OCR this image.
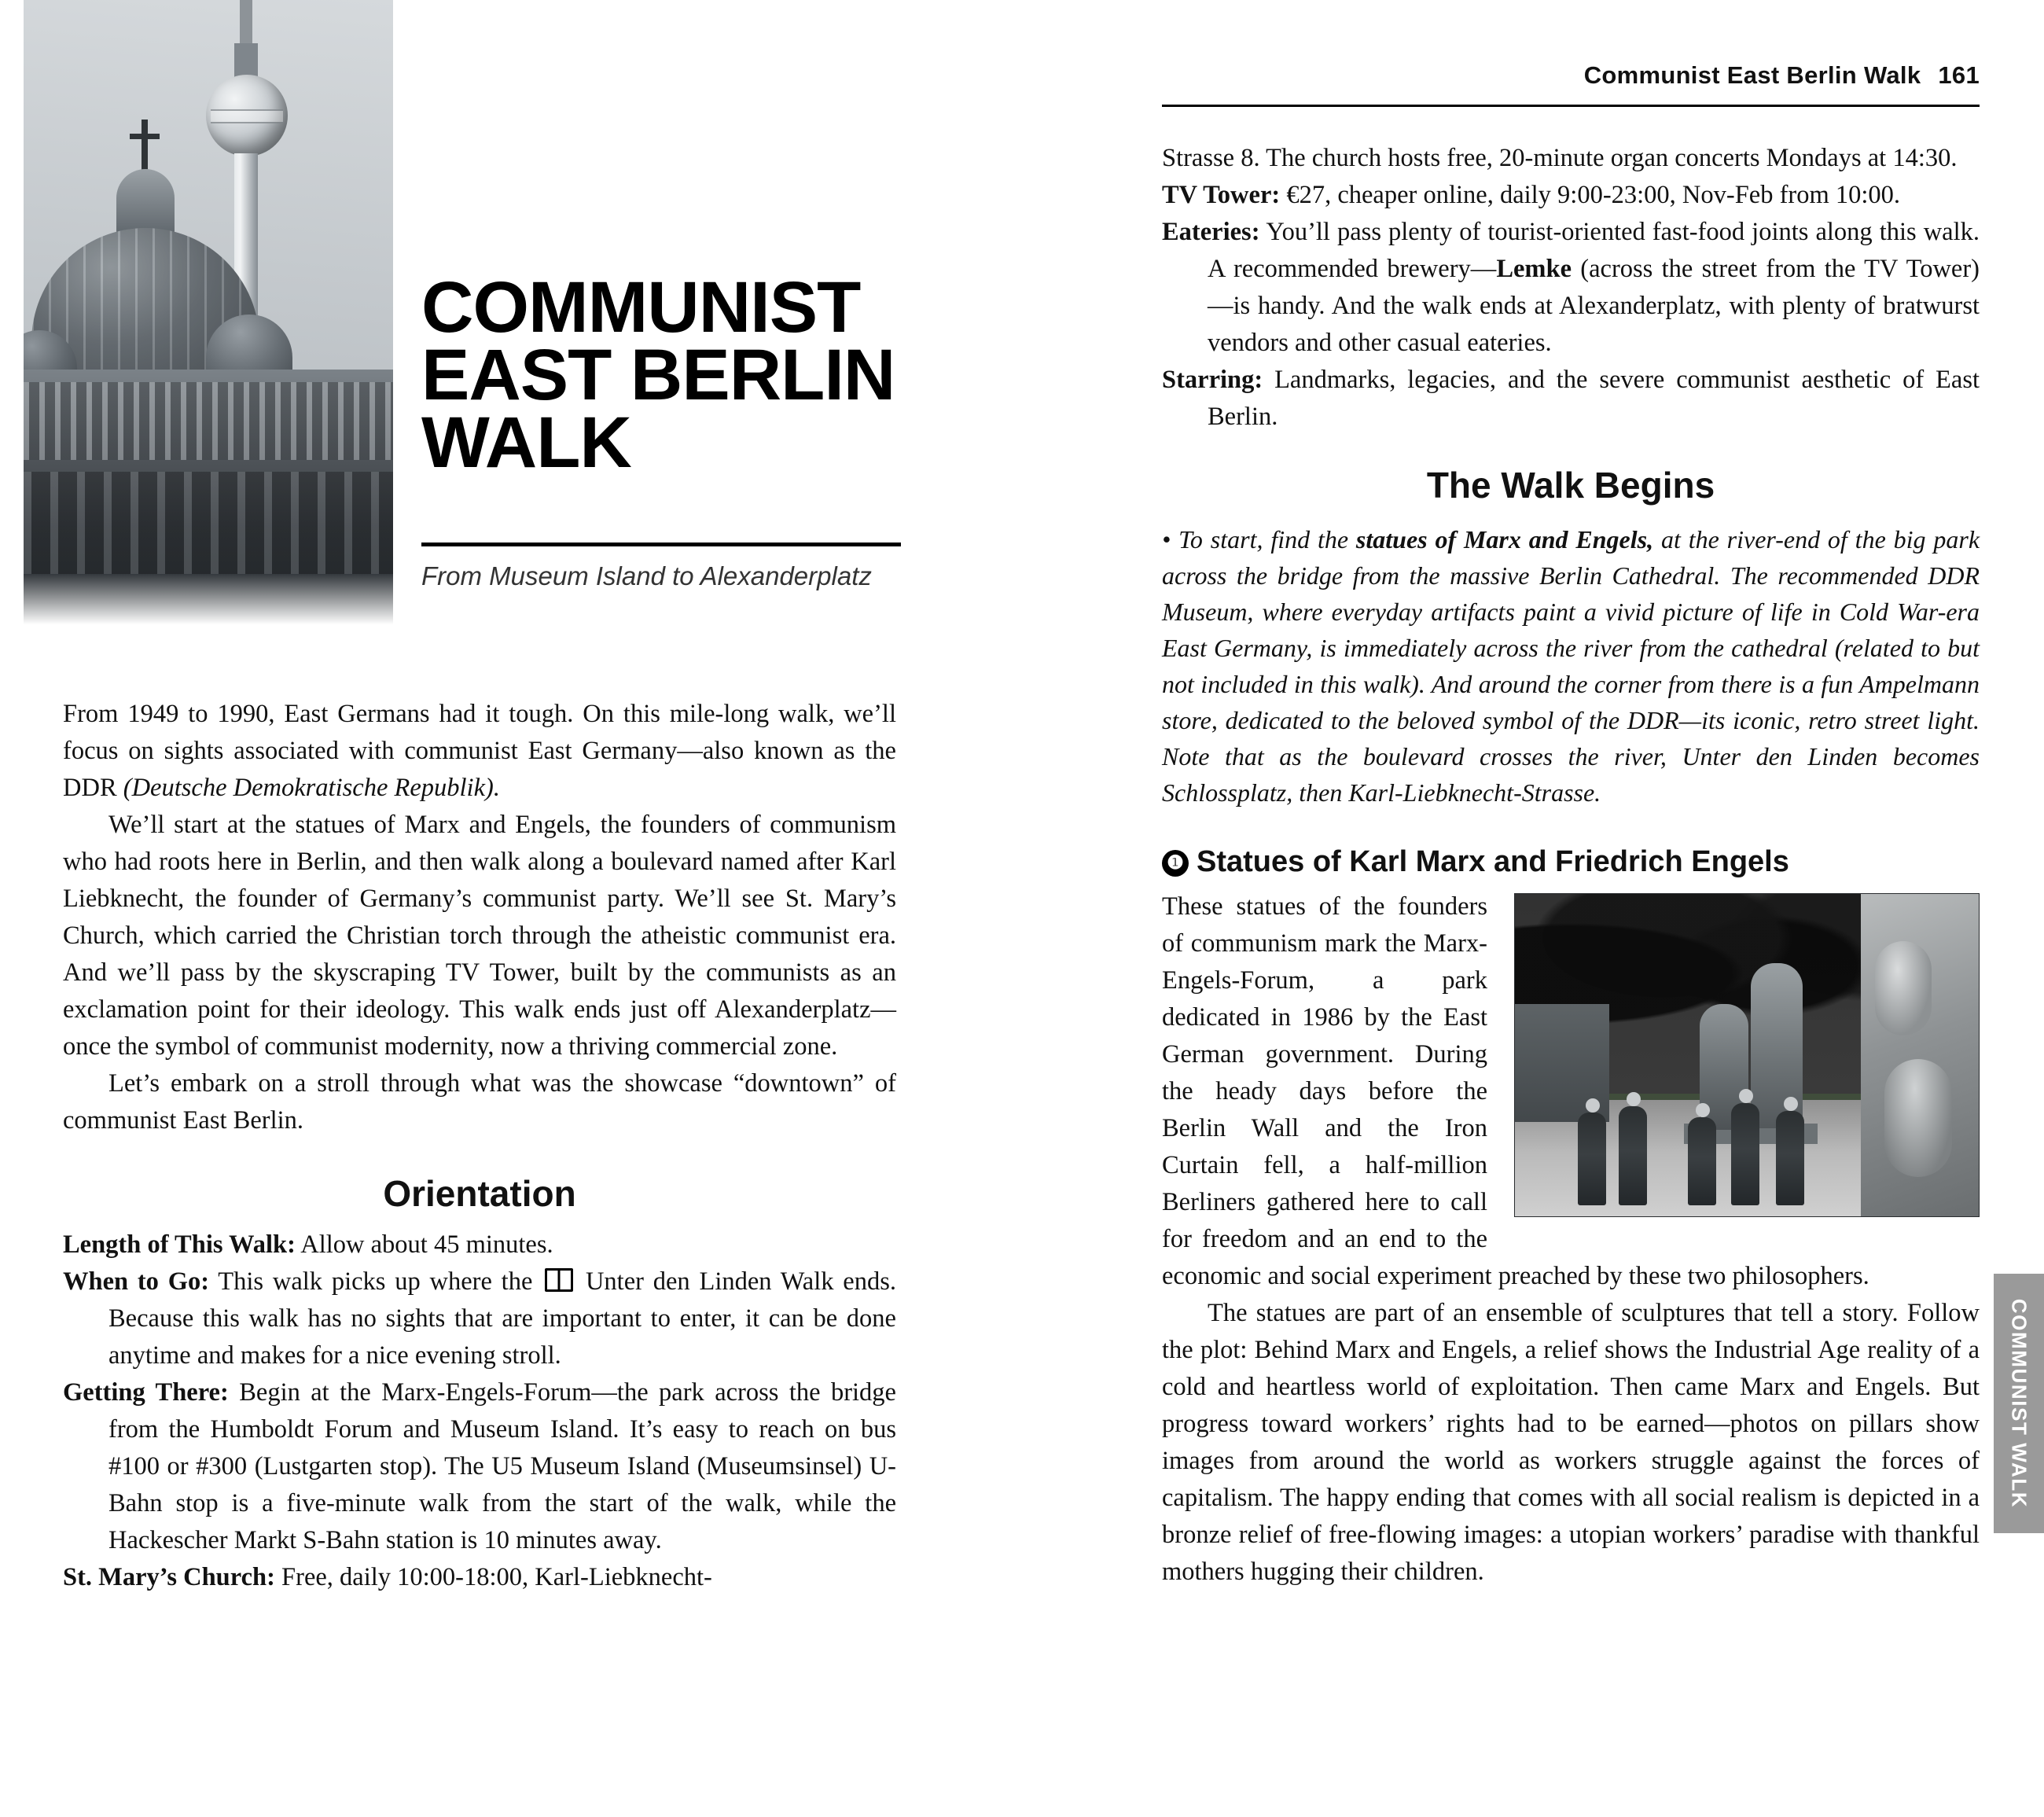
COMMUNIST
EAST BERLIN
WALK
From Museum Island to Alexanderplatz

From 1949 to 1990, East Germans had it tough. On this mile-long walk, we’ll focus on sights associated with communist East Germany—also known as the DDR (Deutsche Demokratische Republik).

We’ll start at the statues of Marx and Engels, the founders of communism who had roots here in Berlin, and then walk along a boulevard named after Karl Liebknecht, the founder of Germany’s communist party. We’ll see St. Mary’s Church, which carried the Christian torch through the atheistic communist era. And we’ll pass by the skyscraping TV Tower, built by the communists as an exclamation point for their ideology. This walk ends just off Alexanderplatz—once the symbol of communist modernity, now a thriving commercial zone.

Let’s embark on a stroll through what was the showcase “downtown” of communist East Berlin.

Orientation

Length of This Walk: Allow about 45 minutes.

When to Go: This walk picks up where the  Unter den Linden Walk ends. Because this walk has no sights that are important to enter, it can be done anytime and makes for a nice evening stroll.

Getting There: Begin at the Marx-Engels-Forum—the park across the bridge from the Humboldt Forum and Museum Island. It’s easy to reach on bus #100 or #300 (Lustgarten stop). The U5 Museum Island (Museumsinsel) U-Bahn stop is a five-minute walk from the start of the walk, while the Hackescher Markt S-Bahn station is 10 minutes away.

St. Mary’s Church: Free, daily 10:00-18:00, Karl-Liebknecht-

Communist East Berlin Walk 161

Strasse 8. The church hosts free, 20-minute organ concerts Mondays at 14:30.

TV Tower: €27, cheaper online, daily 9:00-23:00, Nov-Feb from 10:00.

Eateries: You’ll pass plenty of tourist-oriented fast-food joints along this walk. A recommended brewery—Lemke (across the street from the TV Tower)—is handy. And the walk ends at Alexanderplatz, with plenty of bratwurst vendors and other casual eateries.

Starring: Landmarks, legacies, and the severe communist aesthetic of East Berlin.

The Walk Begins

• To start, find the statues of Marx and Engels, at the river-end of the big park across the bridge from the massive Berlin Cathedral. The recommended DDR Museum, where everyday artifacts paint a vivid picture of life in Cold War-era East Germany, is immediately across the river from the cathedral (related to but not included in this walk). And around the corner from there is a fun Ampelmann store, dedicated to the beloved symbol of the DDR—its iconic, retro street light. Note that as the boulevard crosses the river, Unter den Linden becomes Schlossplatz, then Karl-Liebknecht-Strasse.

❶ Statues of Karl Marx and Friedrich Engels

These statues of the founders of communism mark the Marx-Engels-Forum, a park dedicated in 1986 by the East German government. During the heady days before the Berlin Wall and the Iron Curtain fell, a half-million Berliners gathered here to call for freedom and an end to the economic and social experiment preached by these two philosophers.

The statues are part of an ensemble of sculptures that tell a story. Follow the plot: Behind Marx and Engels, a relief shows the Industrial Age reality of a cold and heartless world of exploitation. Then came Marx and Engels. But progress toward workers’ rights had to be earned—photos on pillars show images from around the world as workers struggle against the forces of capitalism. The happy ending that comes with all social realism is depicted in a bronze relief of free-flowing images: a utopian workers’ paradise with thankful mothers hugging their children.

COMMUNIST WALK
